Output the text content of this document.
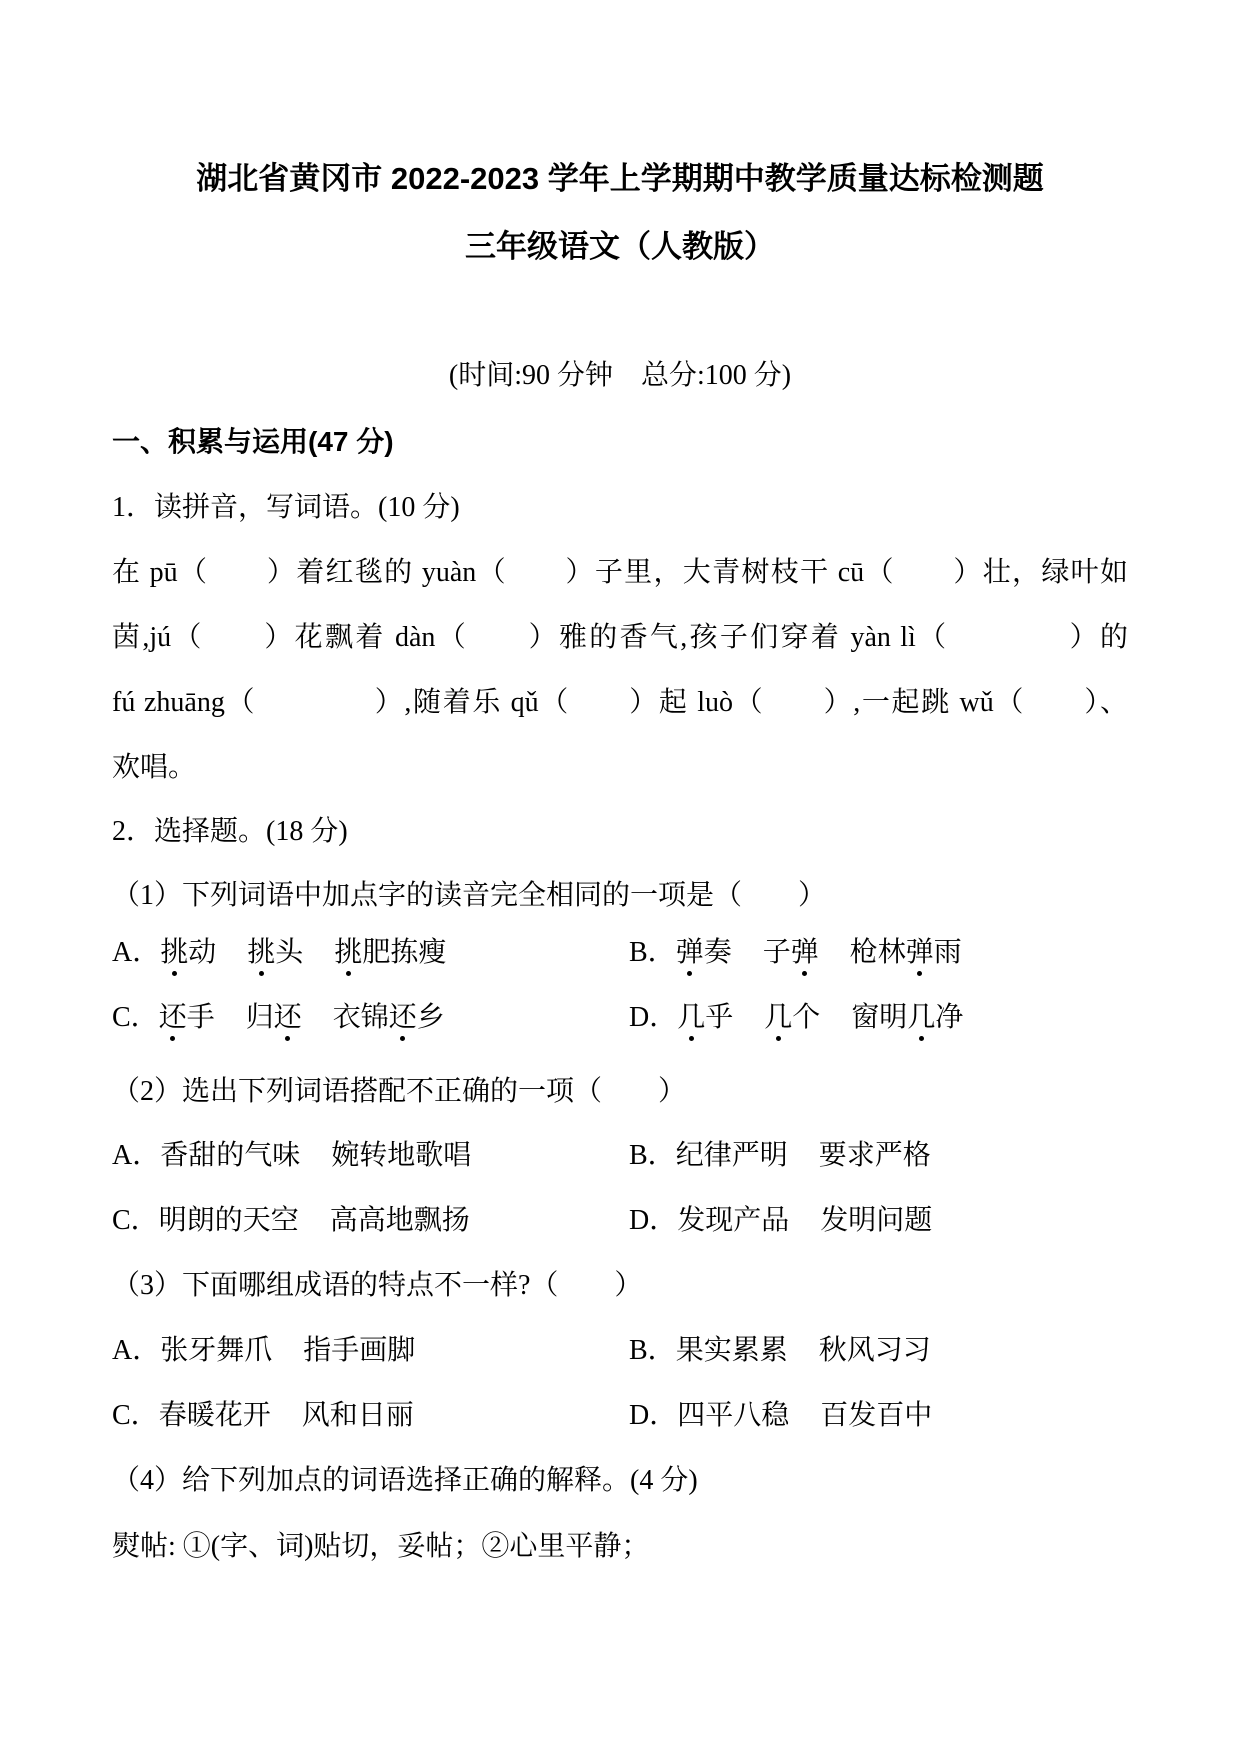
湖北省黄冈市 2022-2023 学年上学期期中教学质量达标检测题
三年级语文（人教版）
(时间:90 分钟　总分:100 分)
一、积累与运用(47 分)
1．读拼音，写词语。(10 分)
在 pū（　　）着红毯的 yuàn（　　）子里，大青树枝干 cū（　　）壮，绿叶如
茵,jú（　　）花飘着 dàn（　　）雅的香气,孩子们穿着 yàn lì（　　　　）的
fú zhuāng（　　　　）,随着乐 qǔ（　　）起 luò（　　）,一起跳 wǔ（　　）、
欢唱。
2．选择题。(18 分)
（1）下列词语中加点字的读音完全相同的一项是（　　）
A． 挑动 挑头 挑肥拣瘦	B． 弹奏 子弹 枪林弹雨
C． 还手 归还 衣锦还乡	D． 几乎 几个 窗明几净
（2）选出下列词语搭配不正确的一项（　　）
A． 香甜的气味 婉转地歌唱	B． 纪律严明 要求严格
C． 明朗的天空 高高地飘扬	D． 发现产品 发明问题
（3）下面哪组成语的特点不一样?（　　）
A． 张牙舞爪 指手画脚	B． 果实累累 秋风习习
C． 春暖花开 风和日丽	D． 四平八稳 百发百中
（4）给下列加点的词语选择正确的解释。(4 分)
熨帖: ①(字、词)贴切，妥帖；②心里平静；
